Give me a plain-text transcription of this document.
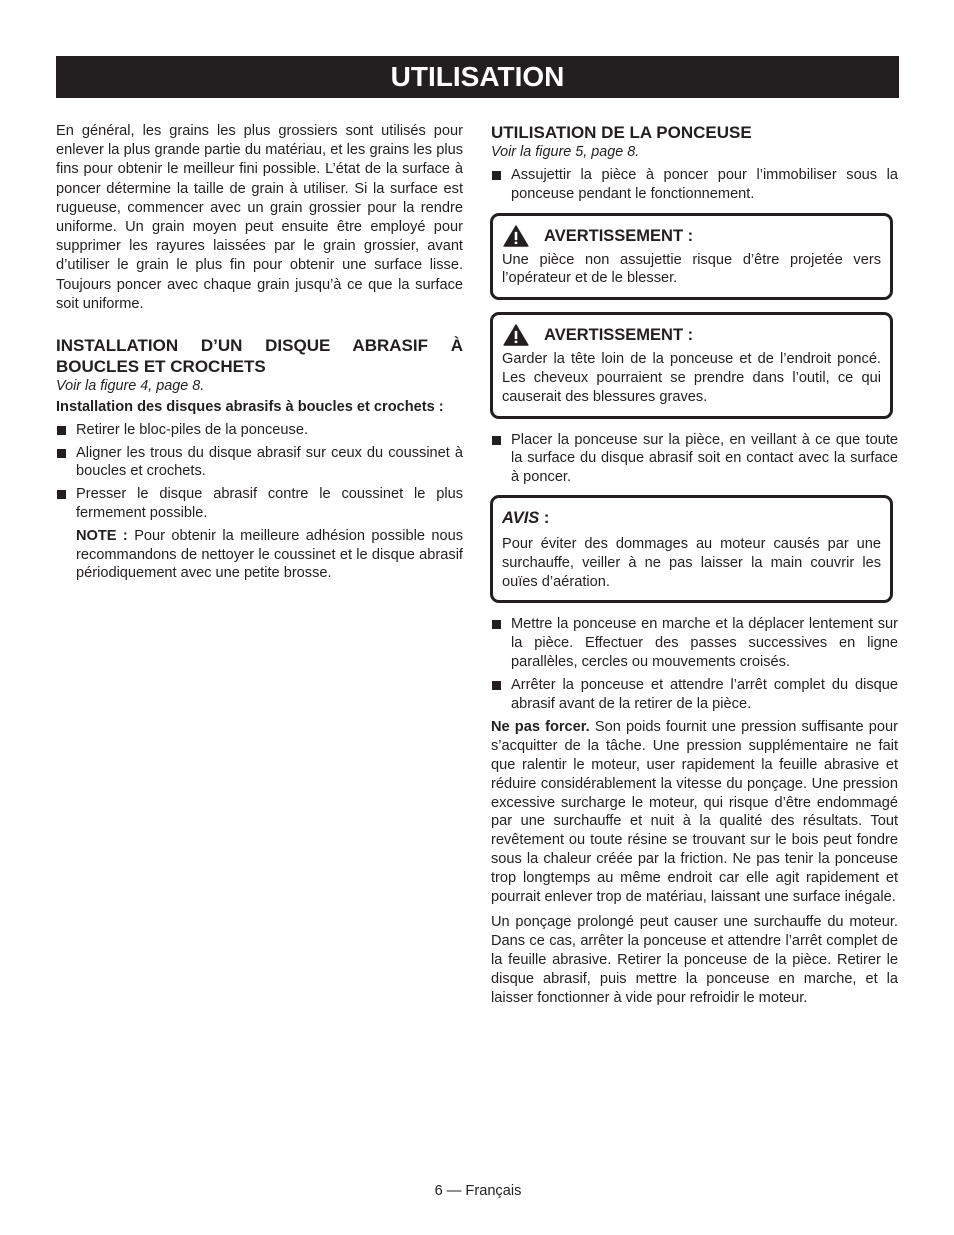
UTILISATION

En général, les grains les plus grossiers sont utilisés pour enlever la plus grande partie du matériau, et les grains les plus fins pour obtenir le meilleur fini possible. L’état de la surface à poncer détermine la taille de grain à utiliser. Si la surface est rugueuse, commencer avec un grain grossier pour la rendre uniforme. Un grain moyen peut ensuite être employé pour supprimer les rayures laissées par le grain grossier, avant d’utiliser le grain le plus fin pour obtenir une surface lisse. Toujours poncer avec chaque grain jusqu’à ce que la surface soit uniforme.

INSTALLATION D’UN DISQUE ABRASIF À BOUCLES ET CROCHETS
Voir la figure 4, page 8.
Installation des disques abrasifs à boucles et crochets :
Retirer le bloc-piles de la ponceuse.
Aligner les trous du disque abrasif sur ceux du coussinet à boucles et crochets.
Presser le disque abrasif contre le coussinet le plus fermement possible.

NOTE : Pour obtenir la meilleure adhésion possible nous recommandons de nettoyer le coussinet et le disque abrasif périodiquement avec une petite brosse.

UTILISATION DE LA PONCEUSE
Voir la figure 5, page 8.
Assujettir la pièce à poncer pour l’immobiliser sous la ponceuse pendant le fonctionnement.
AVERTISSEMENT :

Une pièce non assujettie risque d’être projetée vers l’opérateur et de le blesser.

AVERTISSEMENT :

Garder la tête loin de la ponceuse et de l’endroit poncé. Les cheveux pourraient se prendre dans l’outil, ce qui causerait des blessures graves.

Placer la ponceuse sur la pièce, en veillant à ce que toute la surface du disque abrasif soit en contact avec la surface à poncer.
AVIS :

Pour éviter des dommages au moteur causés par une surchauffe, veiller à ne pas laisser la main couvrir les ouïes d’aération.

Mettre la ponceuse en marche et la déplacer lentement sur la pièce. Effectuer des passes successives en ligne parallèles, cercles ou mouvements croisés.
Arrêter la ponceuse et attendre l’arrêt complet du disque abrasif avant de la retirer de la pièce.

Ne pas forcer. Son poids fournit une pression suffisante pour s’acquitter de la tâche. Une pression supplémentaire ne fait que ralentir le moteur, user rapidement la feuille abrasive et réduire considérablement la vitesse du ponçage. Une pression excessive surcharge le moteur, qui risque d’être endommagé par une surchauffe et nuit à la qualité des résultats. Tout revêtement ou toute résine se trouvant sur le bois peut fondre sous la chaleur créée par la friction. Ne pas tenir la ponceuse trop longtemps au même endroit car elle agit rapidement et pourrait enlever trop de matériau, laissant une surface inégale.

Un ponçage prolongé peut causer une surchauffe du moteur. Dans ce cas, arrêter la ponceuse et attendre l’arrêt complet de la feuille abrasive. Retirer la ponceuse de la pièce. Retirer le disque abrasif, puis mettre la ponceuse en marche, et la laisser fonctionner à vide pour refroidir le moteur.

6 — Français
